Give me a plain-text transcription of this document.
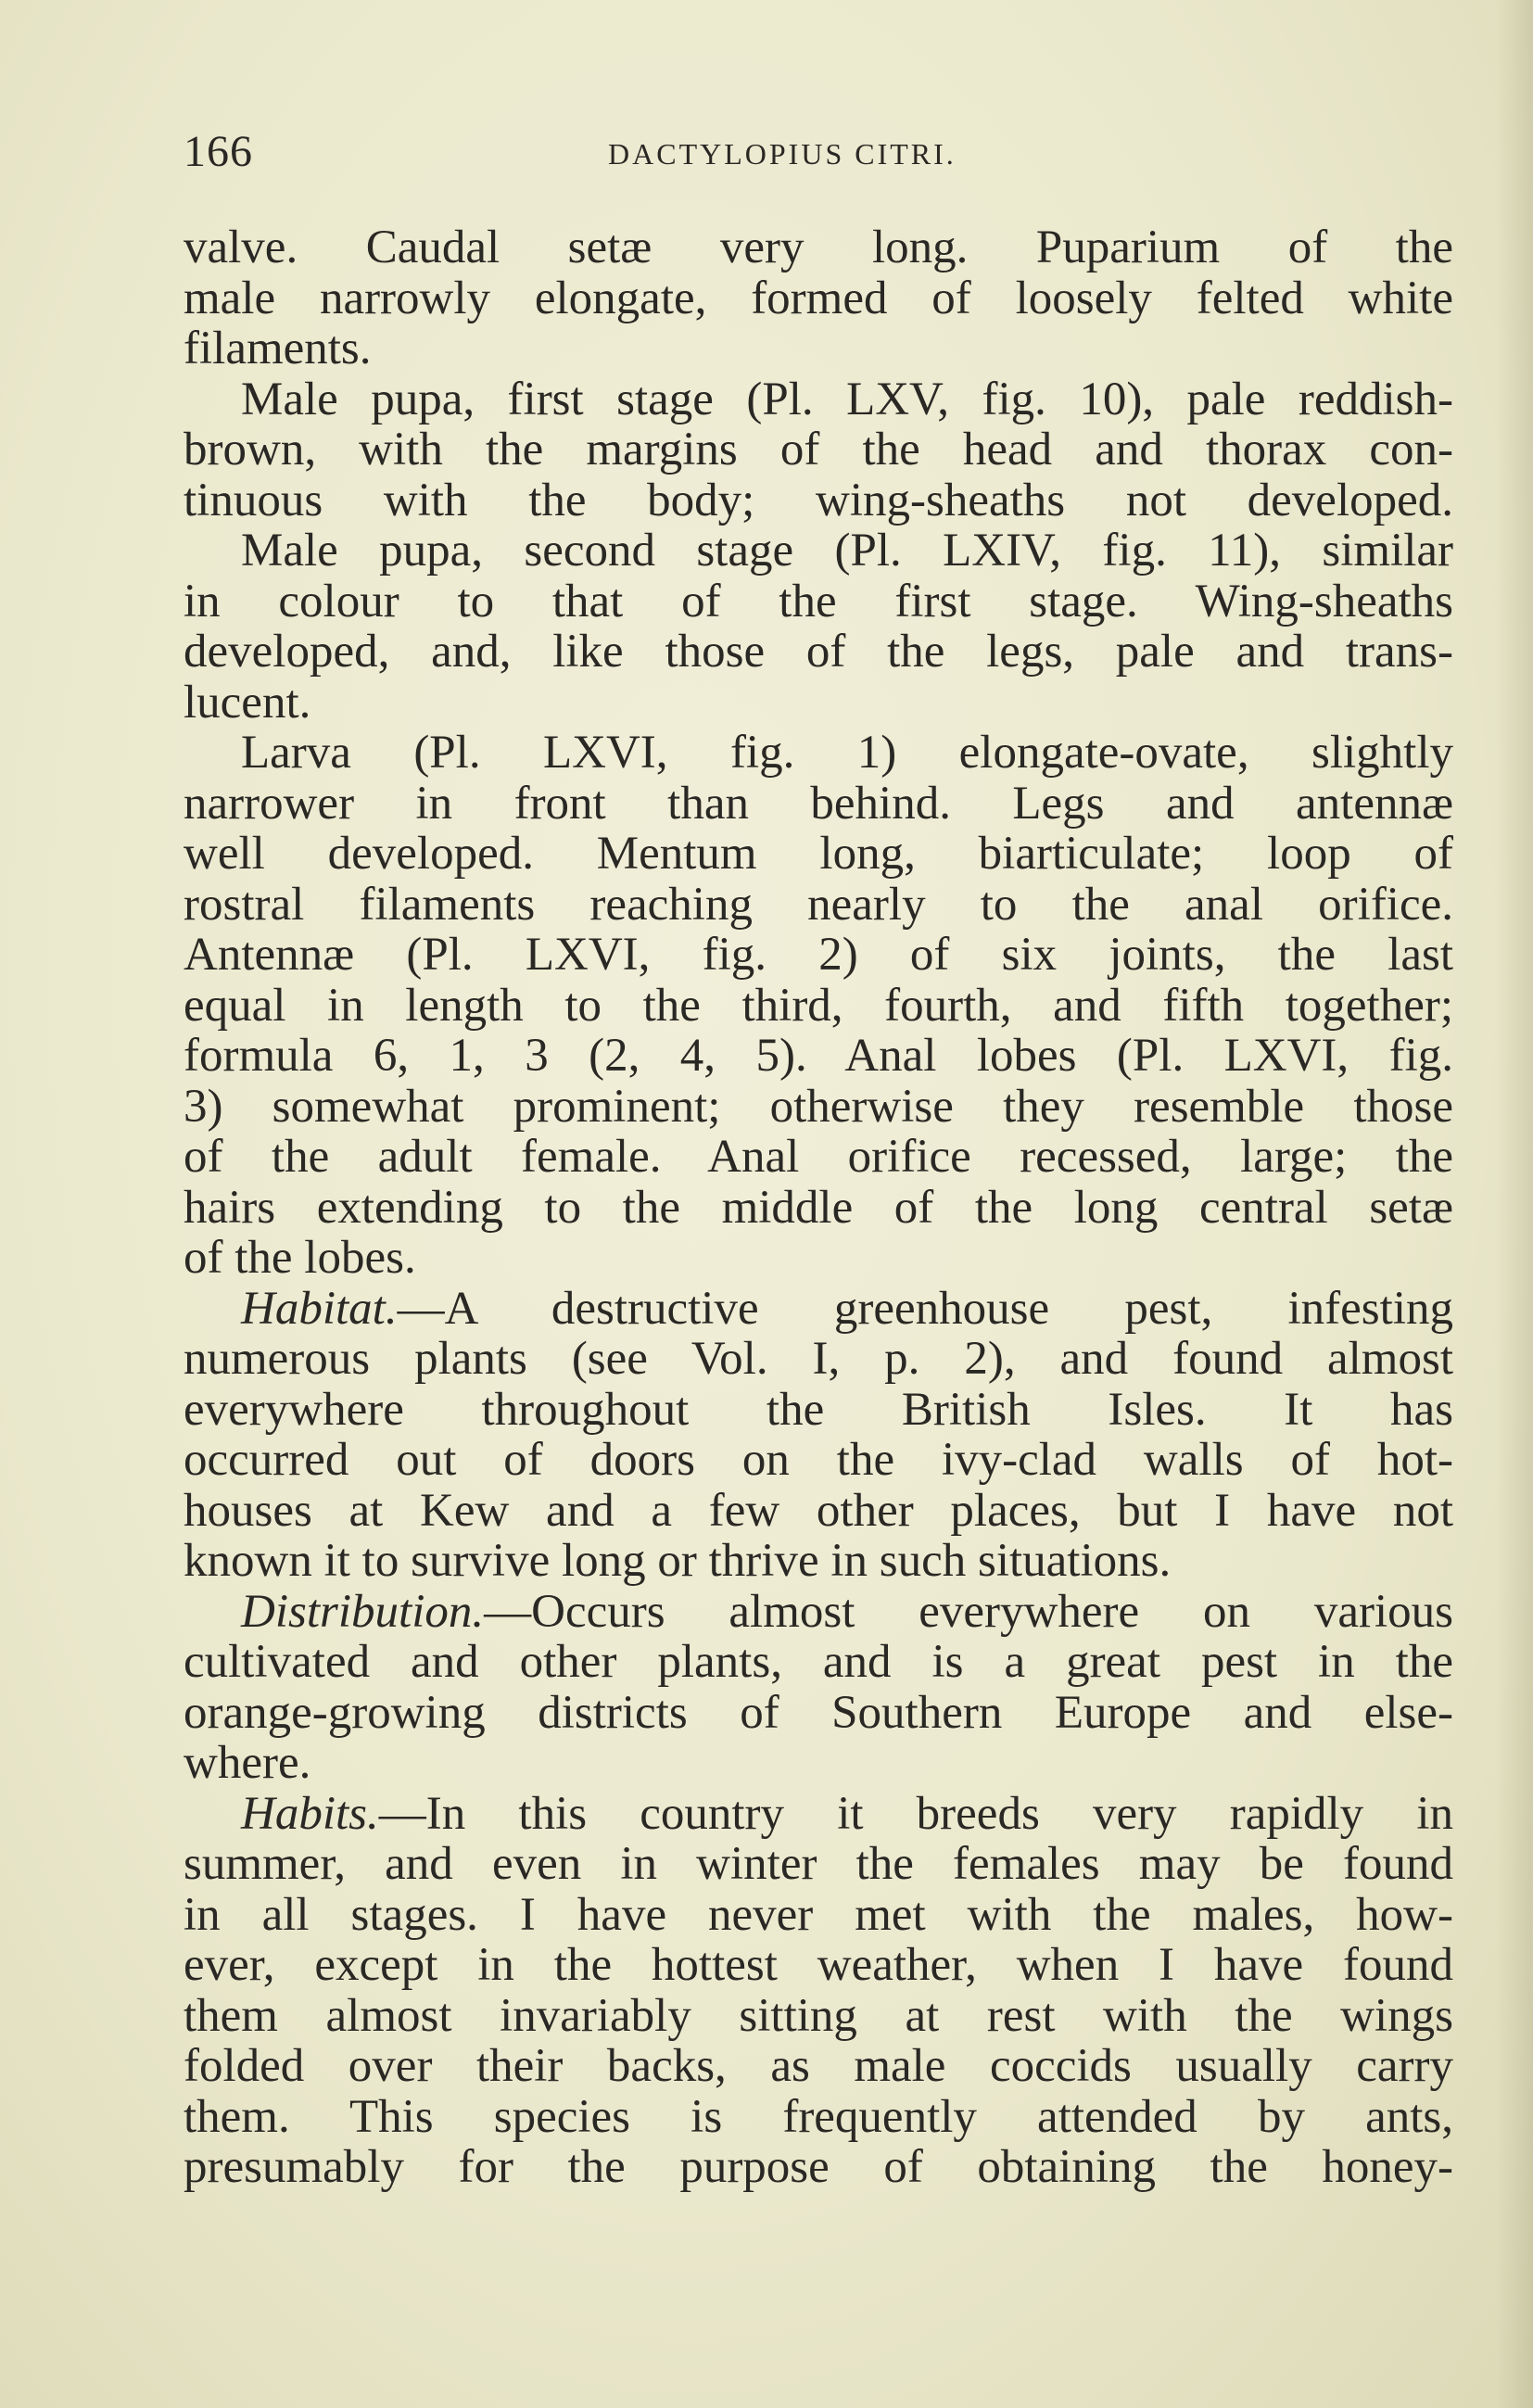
166	DACTYLOPIUS CITRI.

valve. Caudal setæ very long. Puparium of the
male narrowly elongate, formed of loosely felted white
filaments.

Male pupa, first stage (Pl. LXV, fig. 10), pale reddish-
brown, with the margins of the head and thorax con-
tinuous with the body; wing-sheaths not developed.

Male pupa, second stage (Pl. LXIV, fig. 11), similar
in colour to that of the first stage. Wing-sheaths
developed, and, like those of the legs, pale and trans-
lucent.

Larva (Pl. LXVI, fig. 1) elongate-ovate, slightly
narrower in front than behind. Legs and antennæ
well developed. Mentum long, biarticulate; loop of
rostral filaments reaching nearly to the anal orifice.
Antennæ (Pl. LXVI, fig. 2) of six joints, the last
equal in length to the third, fourth, and fifth together;
formula 6, 1, 3 (2, 4, 5). Anal lobes (Pl. LXVI, fig.
3) somewhat prominent; otherwise they resemble those
of the adult female. Anal orifice recessed, large; the
hairs extending to the middle of the long central setæ
of the lobes.

Habitat.—A destructive greenhouse pest, infesting
numerous plants (see Vol. I, p. 2), and found almost
everywhere throughout the British Isles. It has
occurred out of doors on the ivy-clad walls of hot-
houses at Kew and a few other places, but I have not
known it to survive long or thrive in such situations.

Distribution.—Occurs almost everywhere on various
cultivated and other plants, and is a great pest in the
orange-growing districts of Southern Europe and else-
where.

Habits.—In this country it breeds very rapidly in
summer, and even in winter the females may be found
in all stages. I have never met with the males, how-
ever, except in the hottest weather, when I have found
them almost invariably sitting at rest with the wings
folded over their backs, as male coccids usually carry
them. This species is frequently attended by ants,
presumably for the purpose of obtaining the honey-
